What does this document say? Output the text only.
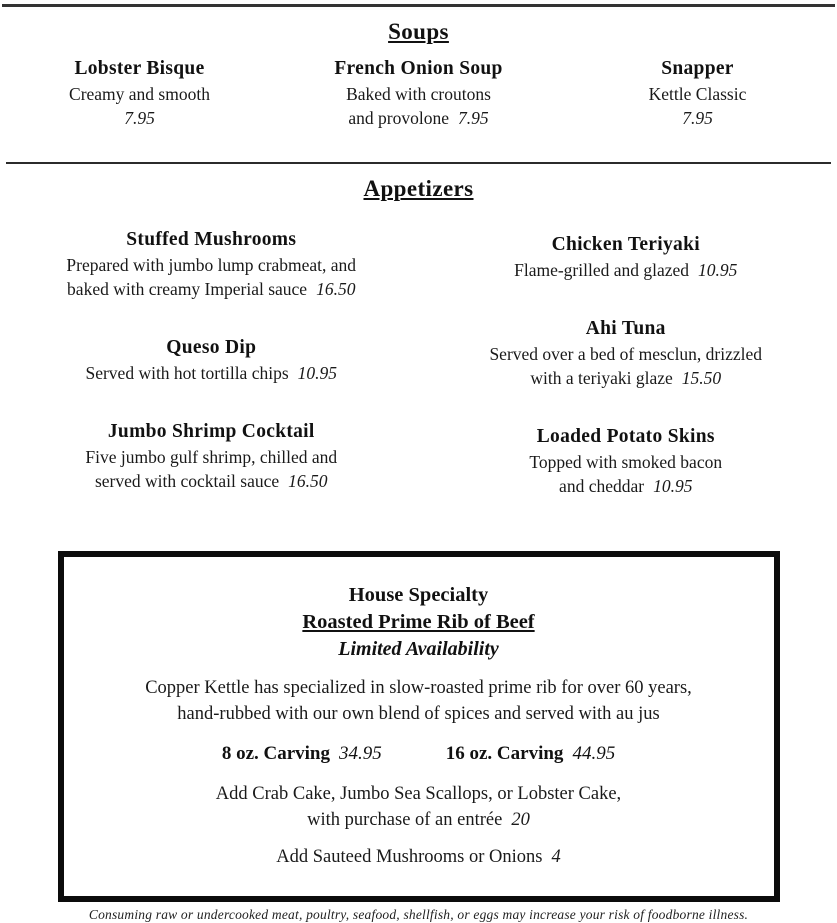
Soups
Lobster Bisque
Creamy and smooth
7.95
French Onion Soup
Baked with croutons
and provolone 7.95
Snapper
Kettle Classic
7.95
Appetizers
Stuffed Mushrooms
Prepared with jumbo lump crabmeat, and
baked with creamy Imperial sauce 16.50
Queso Dip
Served with hot tortilla chips 10.95
Jumbo Shrimp Cocktail
Five jumbo gulf shrimp, chilled and
served with cocktail sauce 16.50
Chicken Teriyaki
Flame-grilled and glazed 10.95
Ahi Tuna
Served over a bed of mesclun, drizzled
with a teriyaki glaze 15.50
Loaded Potato Skins
Topped with smoked bacon
and cheddar 10.95
House Specialty
Roasted Prime Rib of Beef
Limited Availability
Copper Kettle has specialized in slow-roasted prime rib for over 60 years,
hand-rubbed with our own blend of spices and served with au jus
8 oz. Carving 34.95	16 oz. Carving 44.95
Add Crab Cake, Jumbo Sea Scallops, or Lobster Cake,
with purchase of an entrée 20
Add Sauteed Mushrooms or Onions 4
Consuming raw or undercooked meat, poultry, seafood, shellfish, or eggs may increase your risk of foodborne illness.
